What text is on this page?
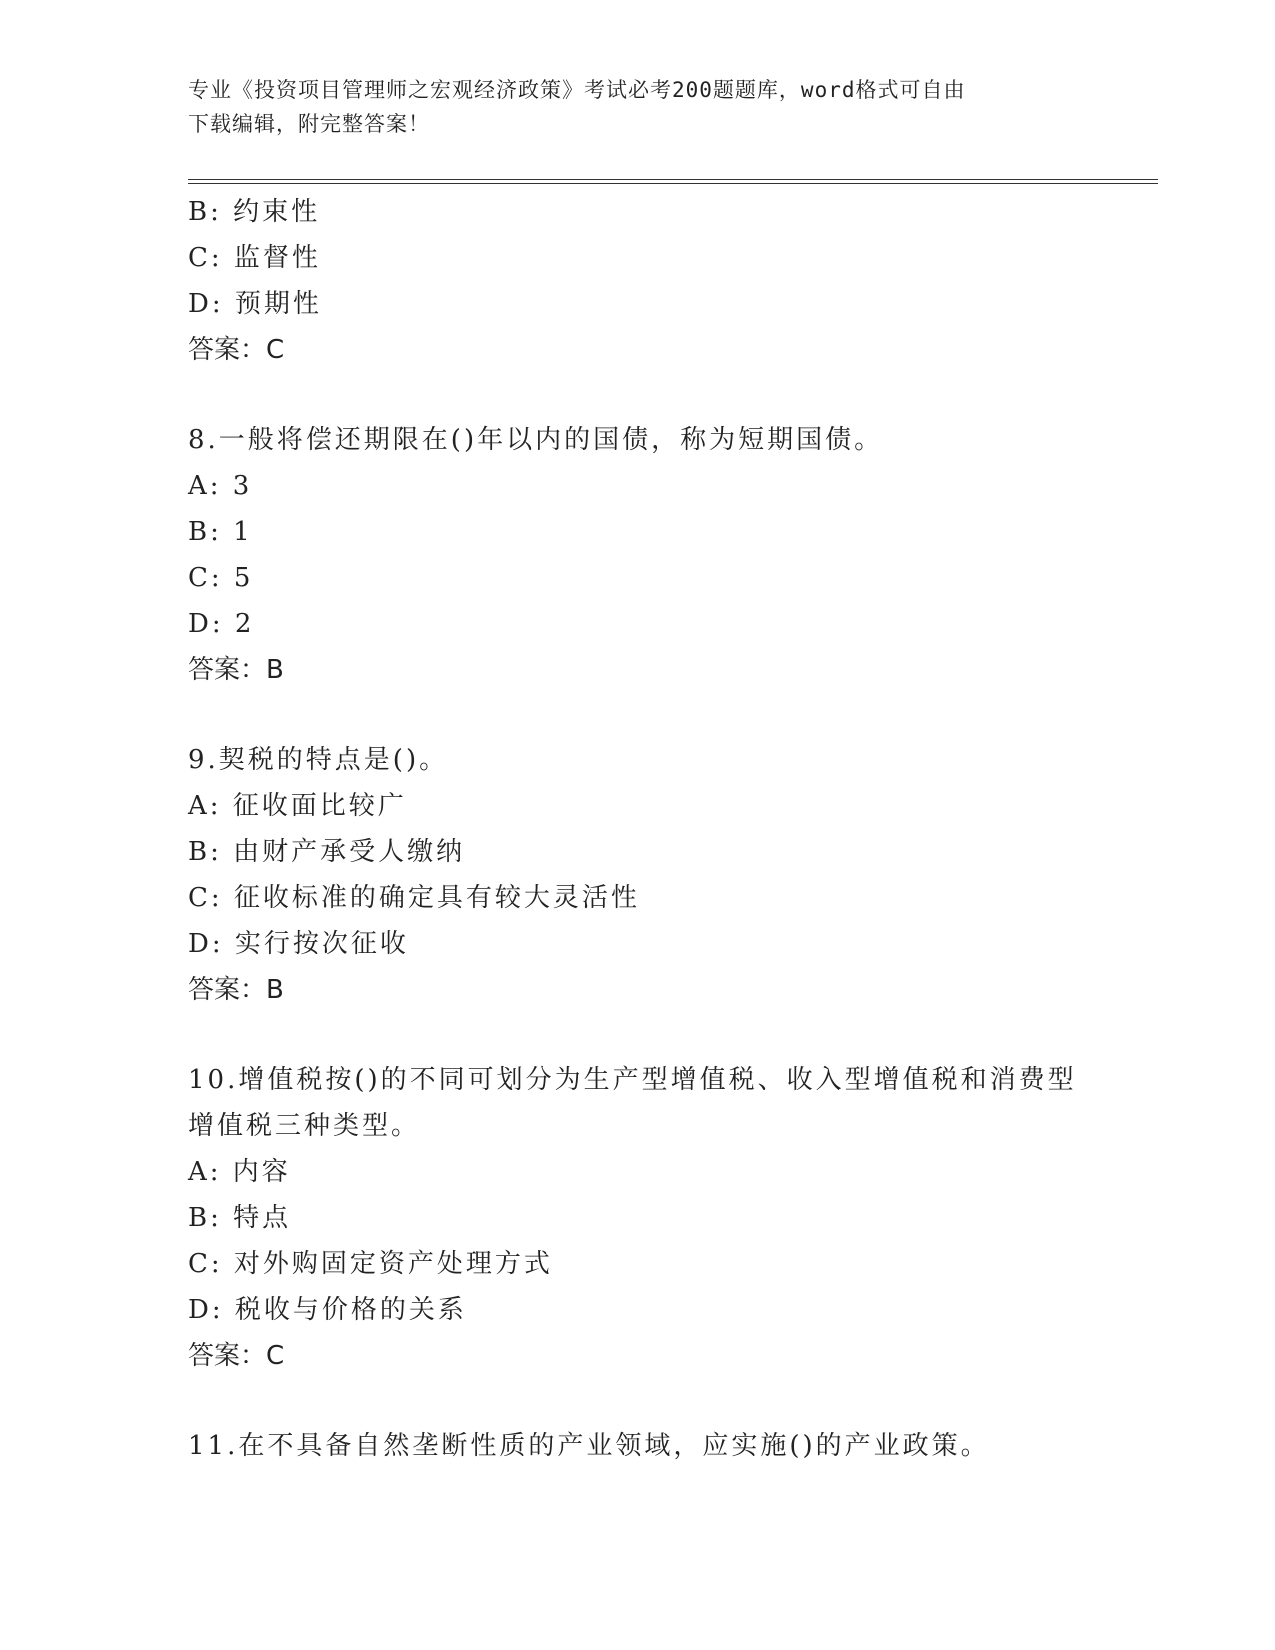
专业《投资项目管理师之宏观经济政策》考试必考200题题库，word格式可自由
下载编辑，附完整答案！
B: 约束性
C: 监督性
D: 预期性
答案：C
8.一般将偿还期限在()年以内的国债，称为短期国债。
A: 3
B: 1
C: 5
D: 2
答案：B
9.契税的特点是()。
A: 征收面比较广
B: 由财产承受人缴纳
C: 征收标准的确定具有较大灵活性
D: 实行按次征收
答案：B
10.增值税按()的不同可划分为生产型增值税、收入型增值税和消费型
增值税三种类型。
A: 内容
B: 特点
C: 对外购固定资产处理方式
D: 税收与价格的关系
答案：C
11.在不具备自然垄断性质的产业领域，应实施()的产业政策。
